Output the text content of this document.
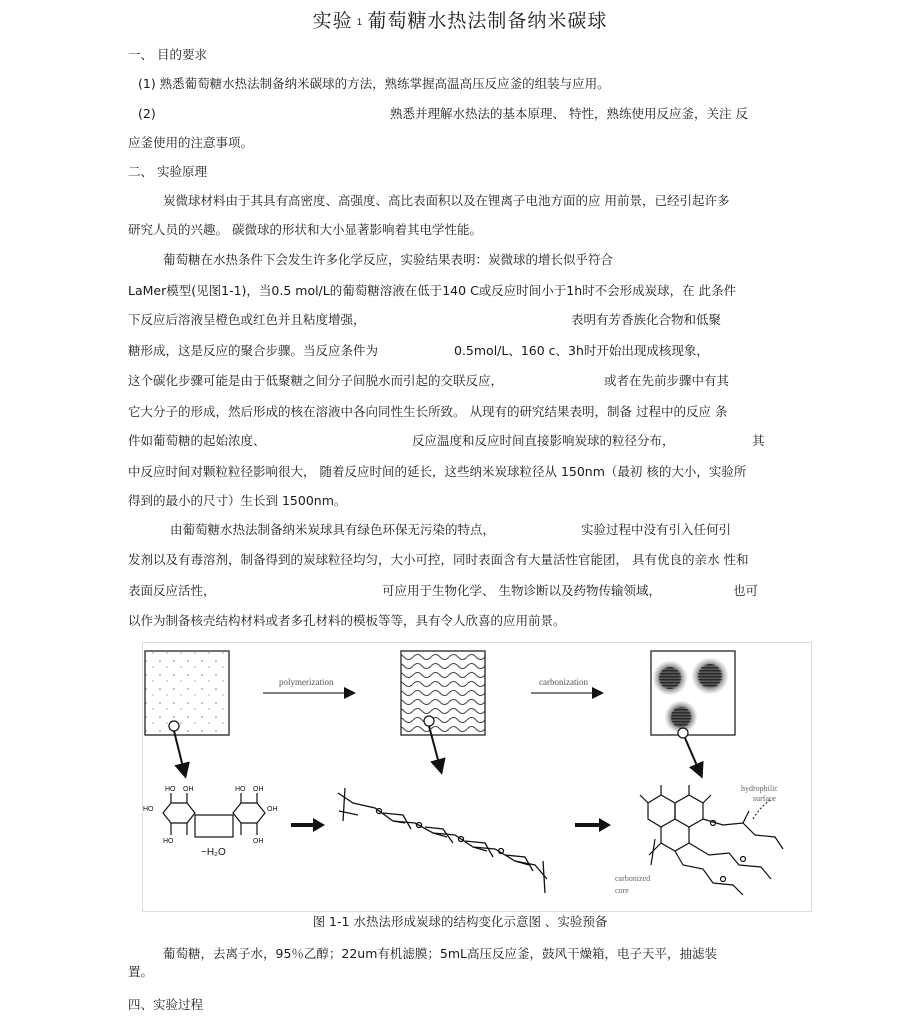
实验 $^1$ 葡萄糖水热法制备纳米碳球
一、 目的要求
(1) 熟悉葡萄糖水热法制备纳米碳球的方法，熟练掌握高温高压反应釜的组装与应用。
(2)	熟悉并理解水热法的基本原理、 特性，熟练使用反应釜，关注 反
应釜使用的注意事项。
二、 实验原理
炭微球材料由于其具有高密度、高强度、高比表面积以及在锂离子电池方面的应 用前景，已经引起许多
研究人员的兴趣。 碳微球的形状和大小显著影响着其电学性能。
葡萄糖在水热条件下会发生许多化学反应，实验结果表明：炭微球的增长似乎符合
LaMer模型(见图1-1)，当0.5 mol/L的葡萄糖溶液在低于140 C或反应时间小于1h时不会形成炭球，在 此条件
下反应后溶液呈橙色或红色并且粘度增强，	表明有芳香族化合物和低聚
糖形成，这是反应的聚合步骤。当反应条件为	0.5mol/L、160 c、3h时开始出现成核现象，
这个碳化步骤可能是由于低聚糖之间分子间脱水而引起的交联反应，	或者在先前步骤中有其
它大分子的形成，然后形成的核在溶液中各向同性生长所致。 从现有的研究结果表明，制备 过程中的反应 条
件如葡萄糖的起始浓度、	反应温度和反应时间直接影响炭球的粒径分布，	其
中反应时间对颗粒粒径影响很大， 随着反应时间的延长，这些纳米炭球粒径从 150nm（最初 核的大小，实验所
得到的最小的尺寸）生长到 1500nm。
由葡萄糖水热法制备纳米炭球具有绿色环保无污染的特点，	实验过程中没有引入任何引
发剂以及有毒溶剂，制备得到的炭球粒径均匀，大小可控，同时表面含有大量活性官能团， 具有优良的亲水 性和
表面反应活性，	可应用于生物化学、 生物诊断以及药物传输领域，	也可
以作为制备核壳结构材料或者多孔材料的模板等等，具有令人欣喜的应用前景。
polymerization	carbonization
HO
HO OH	HO OH
OH
HO	OH
−H₂O
hydrophilic
surface
carbonized
core
图 1-1 水热法形成炭球的结构变化示意图 、实验预备
葡萄糖，去离子水，95％乙醇；22um有机滤膜；5mL高压反应釜，鼓风干燥箱，电子天平，抽滤装
置。
四、实验过程
